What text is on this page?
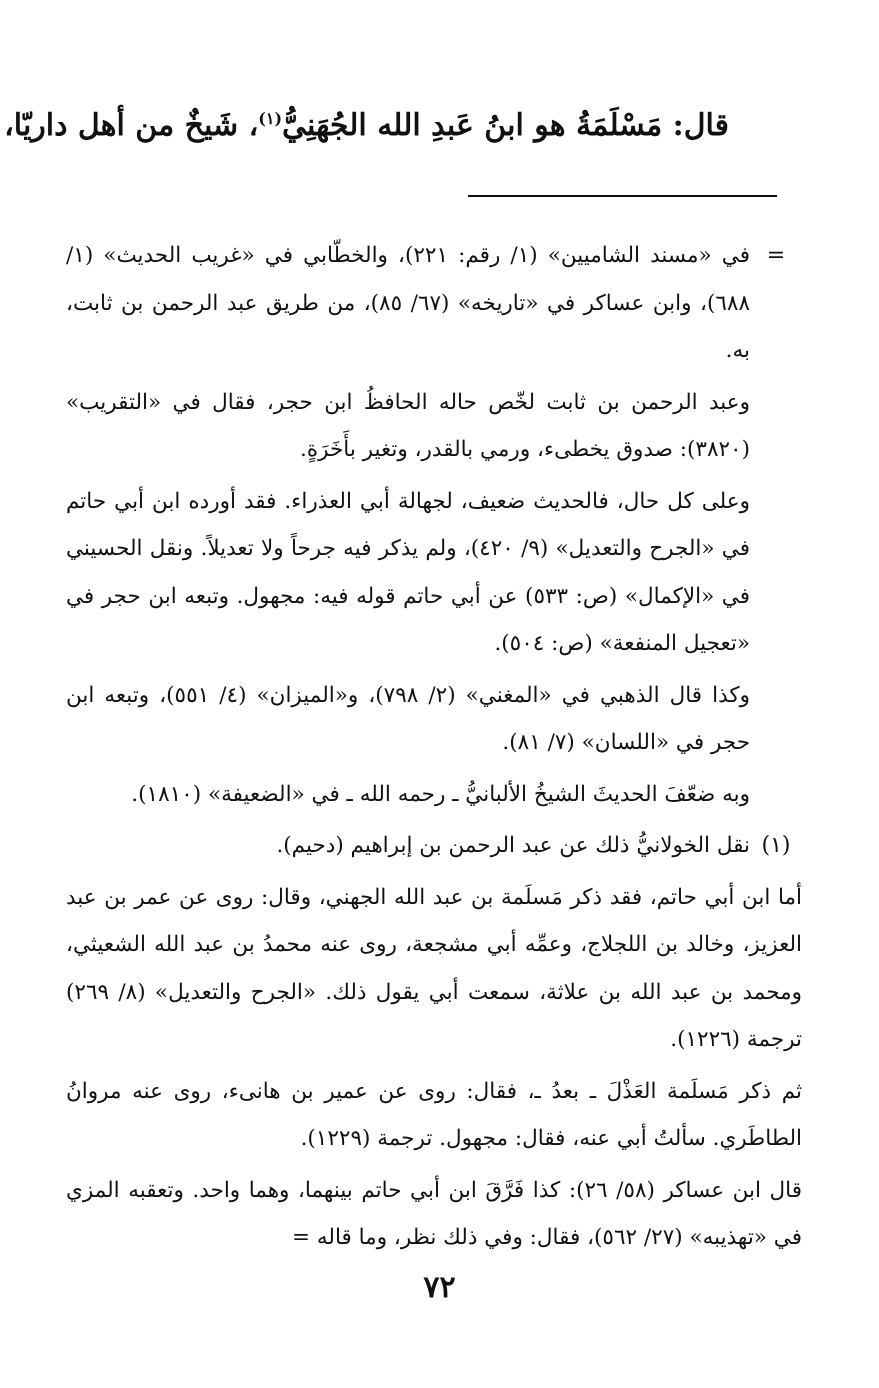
قال: مَسْلَمَةُ هو ابنُ عَبدِ الله الجُهَنِيُّ$^{(١)}$، شَيخٌ من أهل داريّا،
=

في «مسند الشاميين» (١/ رقم: ٢٢١)، والخطّابي في «غريب الحديث» (١/ ٦٨٨)، وابن عساكر في «تاريخه» (٦٧/ ٨٥)، من طريق عبد الرحمن بن ثابت، به.

وعبد الرحمن بن ثابت لخّص حاله الحافظُ ابن حجر، فقال في «التقريب» (٣٨٢٠): صدوق يخطىء، ورمي بالقدر، وتغير بأَخَرَةٍ.

وعلى كل حال، فالحديث ضعيف، لجهالة أبي العذراء. فقد أورده ابن أبي حاتم في «الجرح والتعديل» (٩/ ٤٢٠)، ولم يذكر فيه جرحاً ولا تعديلاً. ونقل الحسيني في «الإكمال» (ص: ٥٣٣) عن أبي حاتم قوله فيه: مجهول. وتبعه ابن حجر في «تعجيل المنفعة» (ص: ٥٠٤).

وكذا قال الذهبي في «المغني» (٢/ ٧٩٨)، و«الميزان» (٤/ ٥٥١)، وتبعه ابن حجر في «اللسان» (٧/ ٨١).

وبه ضعّفَ الحديثَ الشيخُ الألبانيُّ ـ رحمه الله ـ في «الضعيفة» (١٨١٠).

(١)

نقل الخولانيُّ ذلك عن عبد الرحمن بن إبراهيم (دحيم).

أما ابن أبي حاتم، فقد ذكر مَسلَمة بن عبد الله الجهني، وقال: روى عن عمر بن عبد العزيز، وخالد بن اللجلاج، وعمِّه أبي مشجعة، روى عنه محمدُ بن عبد الله الشعيثي، ومحمد بن عبد الله بن علاثة، سمعت أبي يقول ذلك. «الجرح والتعديل» (٨/ ٢٦٩) ترجمة (١٢٢٦).

ثم ذكر مَسلَمة العَذْلَ ـ بعدُ ـ، فقال: روى عن عمير بن هانىء، روى عنه مروانُ الطاطَري. سألتُ أبي عنه، فقال: مجهول. ترجمة (١٢٢٩).

قال ابن عساكر (٥٨/ ٢٦): كذا فَرَّقَ ابن أبي حاتم بينهما، وهما واحد. وتعقبه المزي في «تهذيبه» (٢٧/ ٥٦٢)، فقال: وفي ذلك نظر، وما قاله =

٧٢
